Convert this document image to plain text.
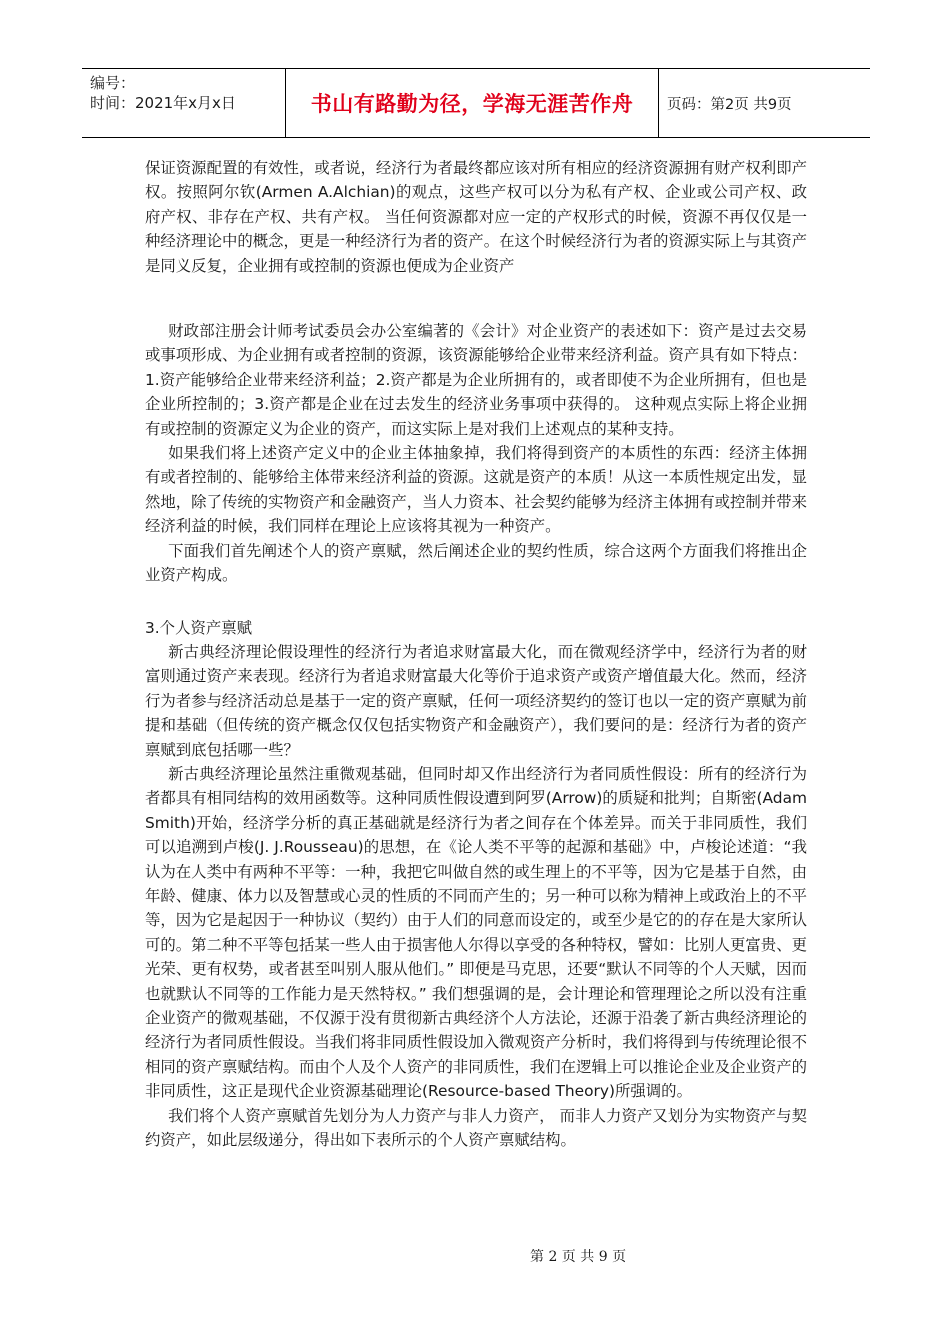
编号：
时间：2021年x月x日	书山有路勤为径，学海无涯苦作舟	页码：第2页 共9页

保证资源配置的有效性，或者说，经济行为者最终都应该对所有相应的经济资源拥有财产权利即产权。按照阿尔钦(Armen A.Alchian)的观点，这些产权可以分为私有产权、企业或公司产权、政府产权、非存在产权、共有产权。 当任何资源都对应一定的产权形式的时候，资源不再仅仅是一种经济理论中的概念，更是一种经济行为者的资产。在这个时候经济行为者的资源实际上与其资产是同义反复，企业拥有或控制的资源也便成为企业资产

财政部注册会计师考试委员会办公室编著的《会计》对企业资产的表述如下：资产是过去交易或事项形成、为企业拥有或者控制的资源，该资源能够给企业带来经济利益。资产具有如下特点：1.资产能够给企业带来经济利益；2.资产都是为企业所拥有的，或者即使不为企业所拥有，但也是企业所控制的；3.资产都是企业在过去发生的经济业务事项中获得的。 这种观点实际上将企业拥有或控制的资源定义为企业的资产，而这实际上是对我们上述观点的某种支持。

如果我们将上述资产定义中的企业主体抽象掉，我们将得到资产的本质性的东西：经济主体拥有或者控制的、能够给主体带来经济利益的资源。这就是资产的本质！从这一本质性规定出发，显然地，除了传统的实物资产和金融资产，当人力资本、社会契约能够为经济主体拥有或控制并带来经济利益的时候，我们同样在理论上应该将其视为一种资产。

下面我们首先阐述个人的资产禀赋，然后阐述企业的契约性质，综合这两个方面我们将推出企业资产构成。

3.个人资产禀赋

新古典经济理论假设理性的经济行为者追求财富最大化，而在微观经济学中，经济行为者的财富则通过资产来表现。经济行为者追求财富最大化等价于追求资产或资产增值最大化。然而，经济行为者参与经济活动总是基于一定的资产禀赋，任何一项经济契约的签订也以一定的资产禀赋为前提和基础（但传统的资产概念仅仅包括实物资产和金融资产），我们要问的是：经济行为者的资产禀赋到底包括哪一些？

新古典经济理论虽然注重微观基础，但同时却又作出经济行为者同质性假设：所有的经济行为者都具有相同结构的效用函数等。这种同质性假设遭到阿罗(Arrow)的质疑和批判；自斯密(Adam Smith)开始，经济学分析的真正基础就是经济行为者之间存在个体差异。而关于非同质性，我们可以追溯到卢梭(J. J.Rousseau)的思想，在《论人类不平等的起源和基础》中，卢梭论述道：“我认为在人类中有两种不平等：一种，我把它叫做自然的或生理上的不平等，因为它是基于自然，由年龄、健康、体力以及智慧或心灵的性质的不同而产生的；另一种可以称为精神上或政治上的不平等，因为它是起因于一种协议（契约）由于人们的同意而设定的，或至少是它的的存在是大家所认可的。第二种不平等包括某一些人由于损害他人尔得以享受的各种特权，譬如：比别人更富贵、更光荣、更有权势，或者甚至叫别人服从他们。” 即便是马克思，还要“默认不同等的个人天赋，因而也就默认不同等的工作能力是天然特权。” 我们想强调的是，会计理论和管理理论之所以没有注重企业资产的微观基础，不仅源于没有贯彻新古典经济个人方法论，还源于沿袭了新古典经济理论的经济行为者同质性假设。当我们将非同质性假设加入微观资产分析时，我们将得到与传统理论很不相同的资产禀赋结构。而由个人及个人资产的非同质性，我们在逻辑上可以推论企业及企业资产的非同质性，这正是现代企业资源基础理论(Resource-based Theory)所强调的。

我们将个人资产禀赋首先划分为人力资产与非人力资产， 而非人力资产又划分为实物资产与契约资产，如此层级递分，得出如下表所示的个人资产禀赋结构。

第 2 页 共 9 页
